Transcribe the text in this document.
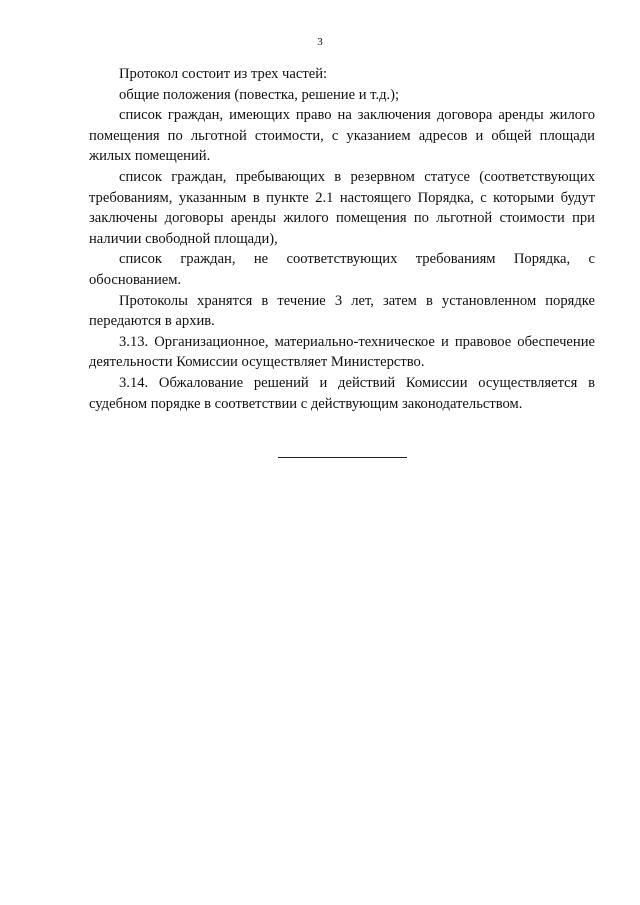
3

Протокол состоит из трех частей:

общие положения (повестка, решение и т.д.);

список граждан, имеющих право на заключения договора аренды жилого помещения по льготной стоимости, с указанием адресов и общей площади жилых помещений.

список граждан, пребывающих в резервном статусе (соответствующих требованиям, указанным в пункте 2.1 настоящего Порядка, с которыми будут заключены договоры аренды жилого помещения по льготной стоимости при наличии свободной площади),

список граждан, не соответствующих требованиям Порядка, с обоснованием.

Протоколы хранятся в течение 3 лет, затем в установленном порядке передаются в архив.

3.13. Организационное, материально-техническое и правовое обеспечение деятельности Комиссии осуществляет Министерство.

3.14. Обжалование решений и действий Комиссии осуществляется в судебном порядке в соответствии с действующим законодательством.
